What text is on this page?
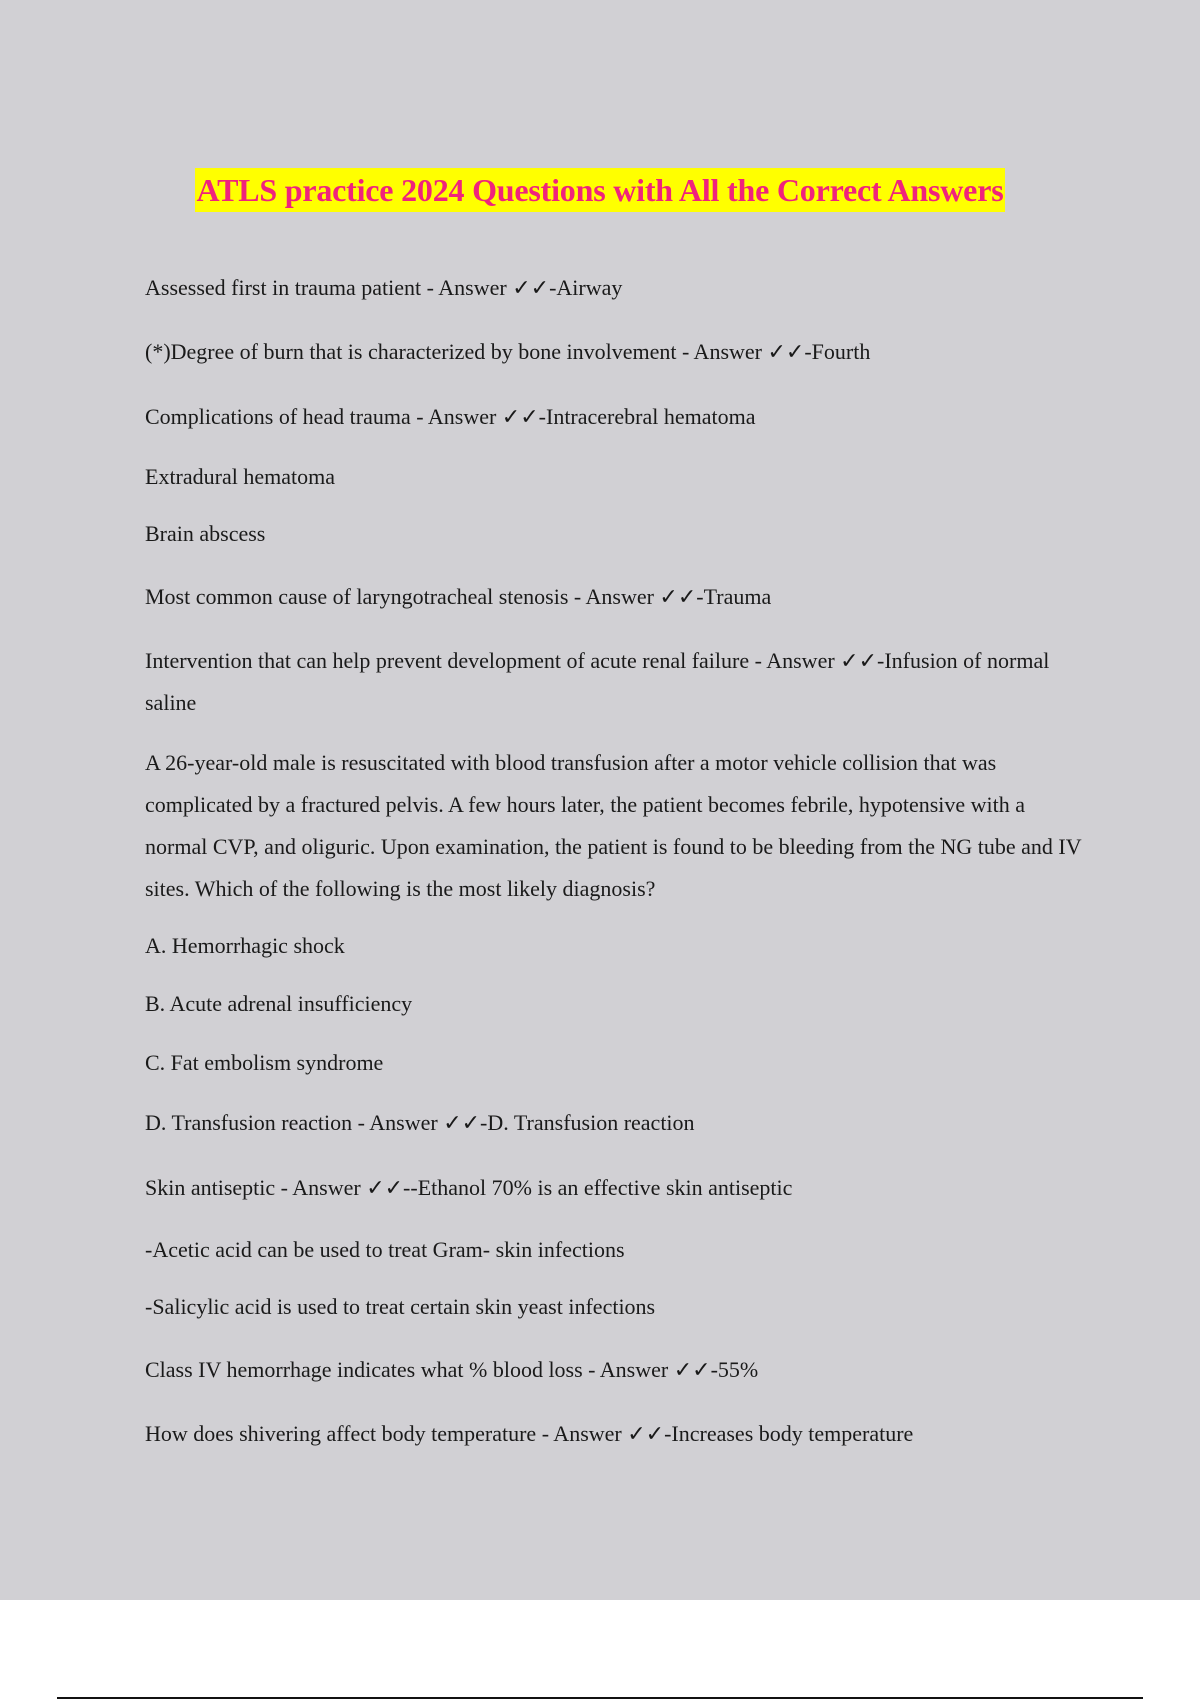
ATLS practice 2024 Questions with All the Correct Answers
Assessed first in trauma patient - Answer ✓✓-Airway
(*)Degree of burn that is characterized by bone involvement - Answer ✓✓-Fourth
Complications of head trauma - Answer ✓✓-Intracerebral hematoma
Extradural hematoma
Brain abscess
Most common cause of laryngotracheal stenosis - Answer ✓✓-Trauma
Intervention that can help prevent development of acute renal failure - Answer ✓✓-Infusion of normal saline
A 26-year-old male is resuscitated with blood transfusion after a motor vehicle collision that was complicated by a fractured pelvis. A few hours later, the patient becomes febrile, hypotensive with a normal CVP, and oliguric. Upon examination, the patient is found to be bleeding from the NG tube and IV sites. Which of the following is the most likely diagnosis?
A. Hemorrhagic shock
B. Acute adrenal insufficiency
C. Fat embolism syndrome
D. Transfusion reaction - Answer ✓✓-D. Transfusion reaction
Skin antiseptic - Answer ✓✓--Ethanol 70% is an effective skin antiseptic
-Acetic acid can be used to treat Gram- skin infections
-Salicylic acid is used to treat certain skin yeast infections
Class IV hemorrhage indicates what % blood loss - Answer ✓✓-55%
How does shivering affect body temperature - Answer ✓✓-Increases body temperature
